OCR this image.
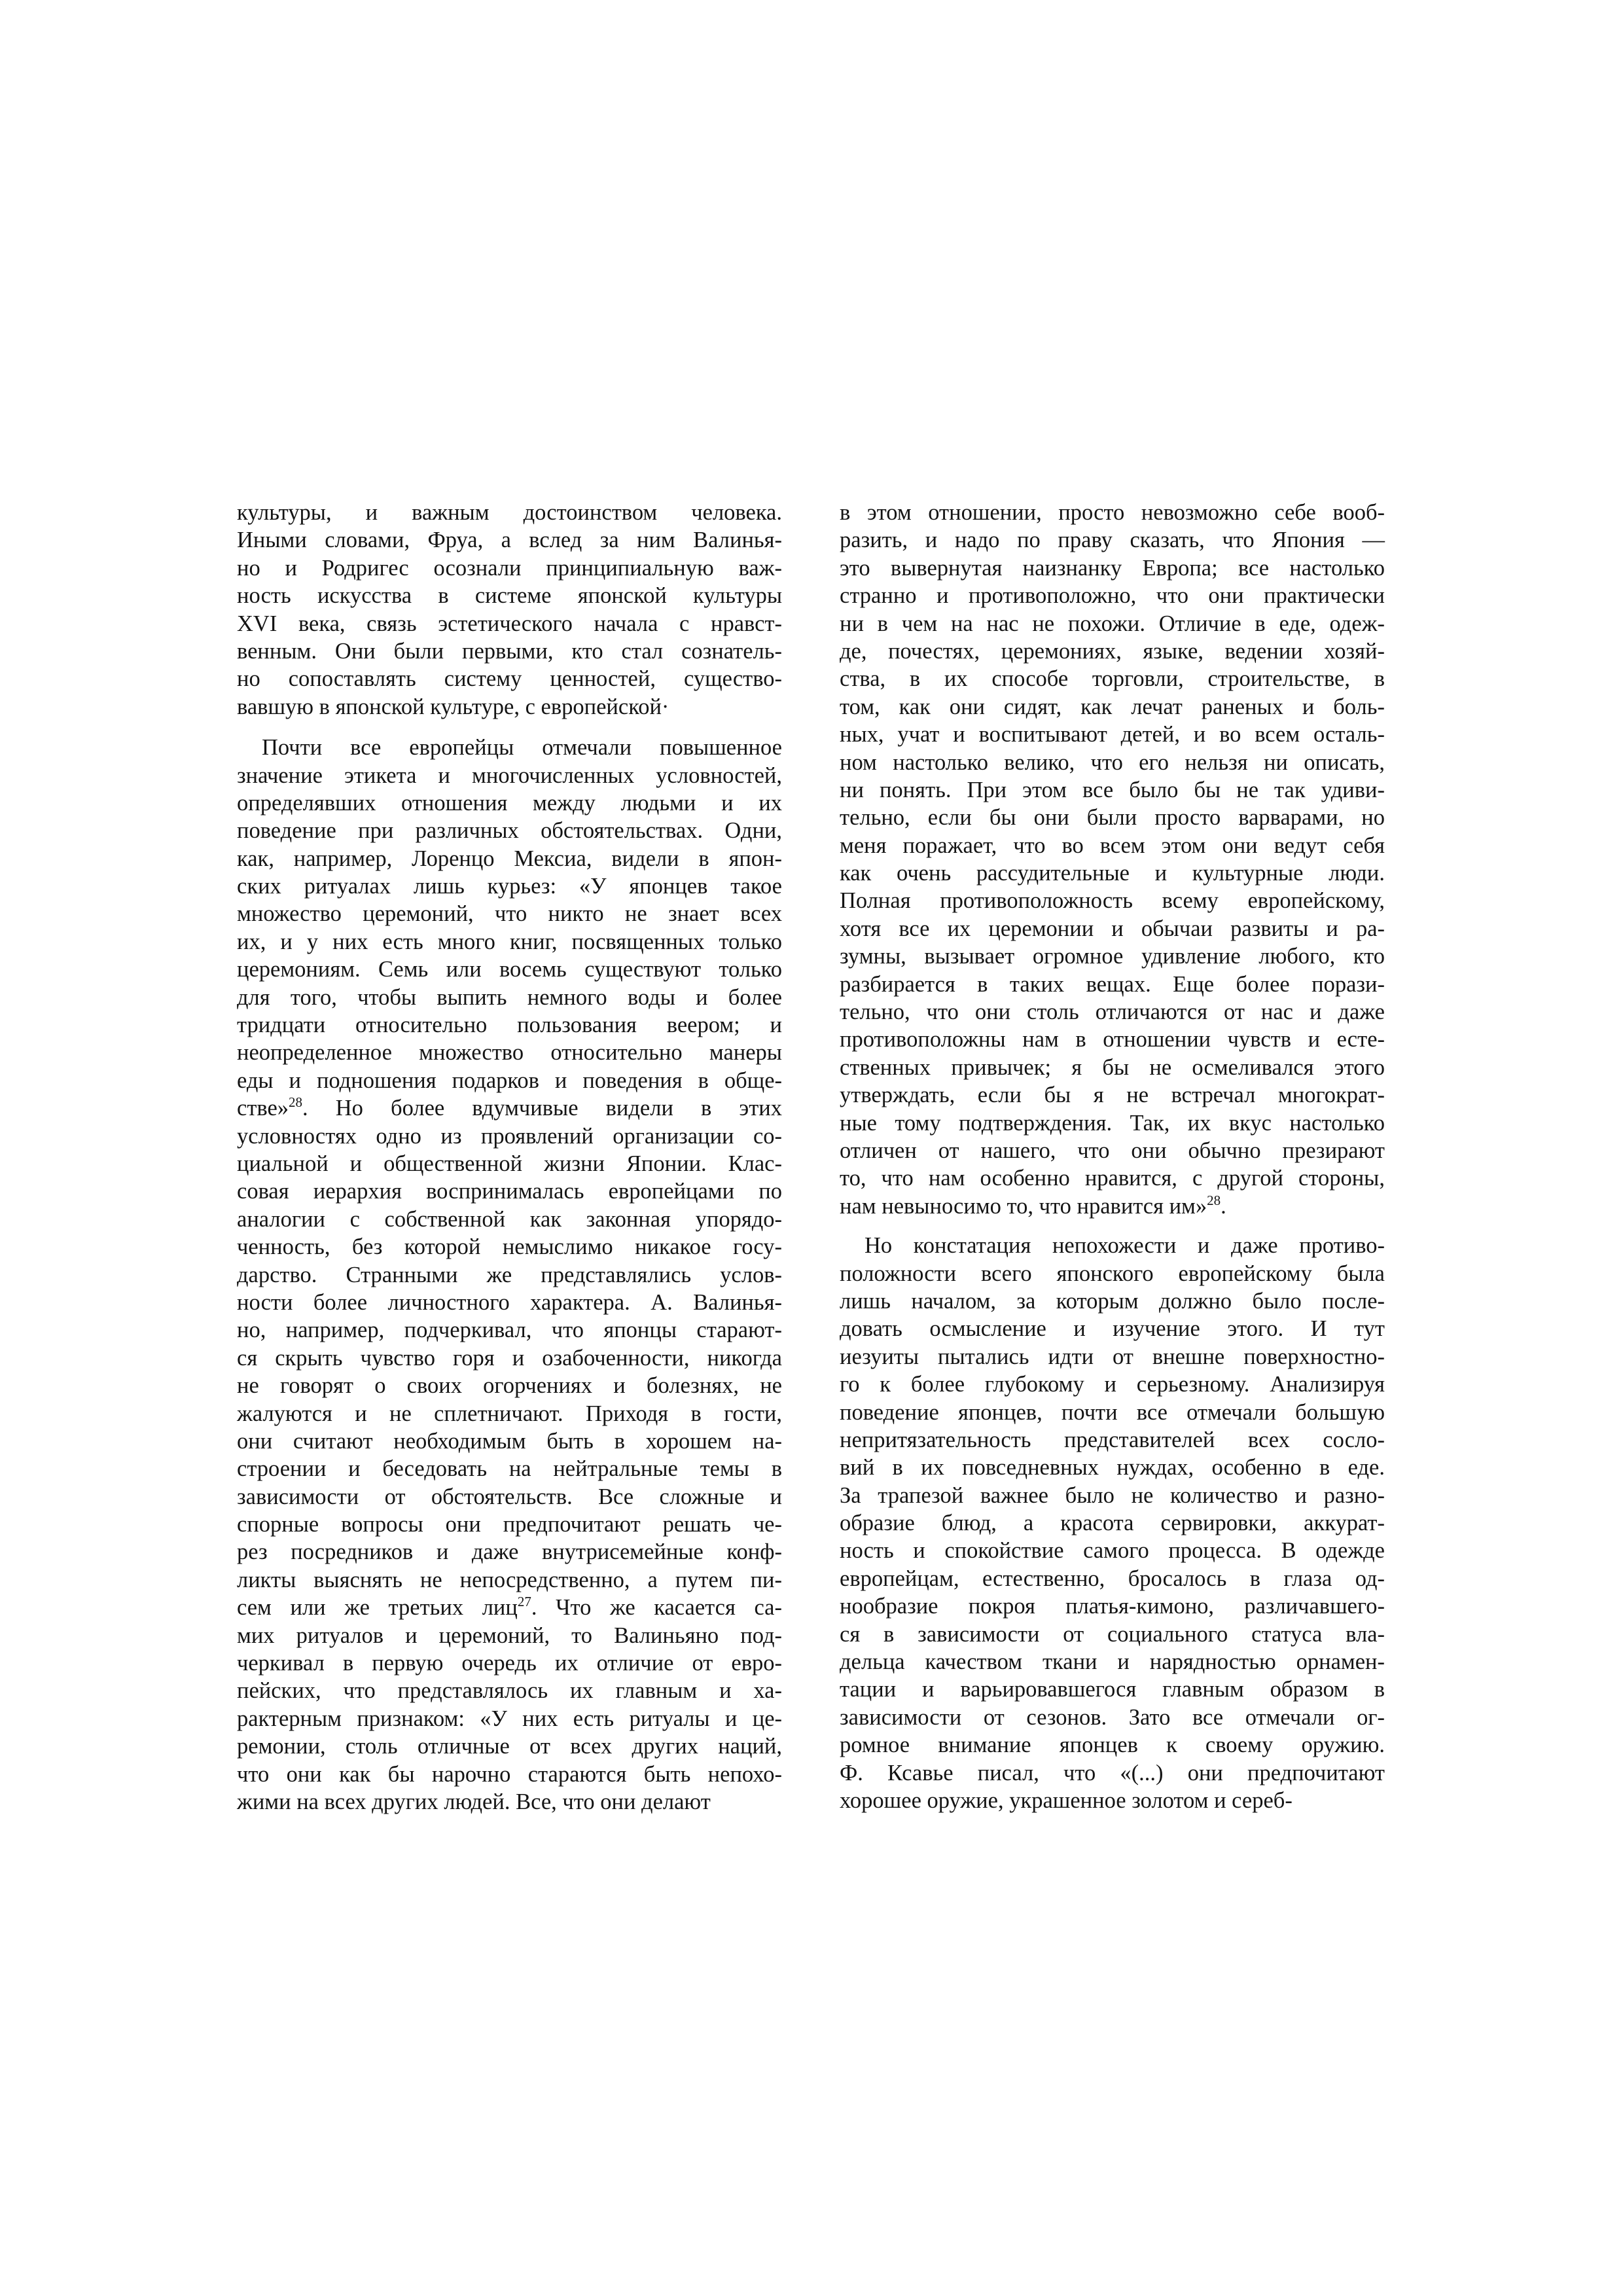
культуры, и важным достоинством человека.
Иными словами, Фруа, а вслед за ним Валинья-
но и Родригес осознали принципиальную важ-
ность искусства в системе японской культуры
XVI века, связь эстетического начала с нравст-
венным. Они были первыми, кто стал сознатель-
но сопоставлять систему ценностей, существо-
вавшую в японской культуре, с европейской·
Почти все европейцы отмечали повышенное
значение этикета и многочисленных условностей,
определявших отношения между людьми и их
поведение при различных обстоятельствах. Одни,
как, например, Лоренцо Мексиа, видели в япон-
ских ритуалах лишь курьез: «У японцев такое
множество церемоний, что никто не знает всех
их, и у них есть много книг, посвященных только
церемониям. Семь или восемь существуют только
для того, чтобы выпить немного воды и более
тридцати относительно пользования веером; и
неопределенное множество относительно манеры
еды и подношения подарков и поведения в обще-
стве»$^{28}$. Но более вдумчивые видели в этих
условностях одно из проявлений организации со-
циальной и общественной жизни Японии. Клас-
совая иерархия воспринималась европейцами по
аналогии с собственной как законная упорядо-
ченность, без которой немыслимо никакое госу-
дарство. Странными же представлялись услов-
ности более личностного характера. А. Валинья-
но, например, подчеркивал, что японцы старают-
ся скрыть чувство горя и озабоченности, никогда
не говорят о своих огорчениях и болезнях, не
жалуются и не сплетничают. Приходя в гости,
они считают необходимым быть в хорошем на-
строении и беседовать на нейтральные темы в
зависимости от обстоятельств. Все сложные и
спорные вопросы они предпочитают решать че-
рез посредников и даже внутрисемейные конф-
ликты выяснять не непосредственно, а путем пи-
сем или же третьих лиц$^{27}$. Что же касается са-
мих ритуалов и церемоний, то Валиньяно под-
черкивал в первую очередь их отличие от евро-
пейских, что представлялось их главным и ха-
рактерным признаком: «У них есть ритуалы и це-
ремонии, столь отличные от всех других наций,
что они как бы нарочно стараются быть непохо-
жими на всех других людей. Все, что они делают
в этом отношении, просто невозможно себе вооб-
разить, и надо по праву сказать, что Япония —
это вывернутая наизнанку Европа; все настолько
странно и противоположно, что они практически
ни в чем на нас не похожи. Отличие в еде, одеж-
де, почестях, церемониях, языке, ведении хозяй-
ства, в их способе торговли, строительстве, в
том, как они сидят, как лечат раненых и боль-
ных, учат и воспитывают детей, и во всем осталь-
ном настолько велико, что его нельзя ни описать,
ни понять. При этом все было бы не так удиви-
тельно, если бы они были просто варварами, но
меня поражает, что во всем этом они ведут себя
как очень рассудительные и культурные люди.
Полная противоположность всему европейскому,
хотя все их церемонии и обычаи развиты и ра-
зумны, вызывает огромное удивление любого, кто
разбирается в таких вещах. Еще более порази-
тельно, что они столь отличаются от нас и даже
противоположны нам в отношении чувств и есте-
ственных привычек; я бы не осмеливался этого
утверждать, если бы я не встречал многократ-
ные тому подтверждения. Так, их вкус настолько
отличен от нашего, что они обычно презирают
то, что нам особенно нравится, с другой стороны,
нам невыносимо то, что нравится им»$^{28}$.
Но констатация непохожести и даже противо-
положности всего японского европейскому была
лишь началом, за которым должно было после-
довать осмысление и изучение этого. И тут
иезуиты пытались идти от внешне поверхностно-
го к более глубокому и серьезному. Анализируя
поведение японцев, почти все отмечали большую
непритязательность представителей всех сосло-
вий в их повседневных нуждах, особенно в еде.
За трапезой важнее было не количество и разно-
образие блюд, а красота сервировки, аккурат-
ность и спокойствие самого процесса. В одежде
европейцам, естественно, бросалось в глаза од-
нообразие покроя платья-кимоно, различавшего-
ся в зависимости от социального статуса вла-
дельца качеством ткани и нарядностью орнамен-
тации и варьировавшегося главным образом в
зависимости от сезонов. Зато все отмечали ог-
ромное внимание японцев к своему оружию.
Ф. Ксавье писал, что «(...) они предпочитают
хорошее оружие, украшенное золотом и сереб-
